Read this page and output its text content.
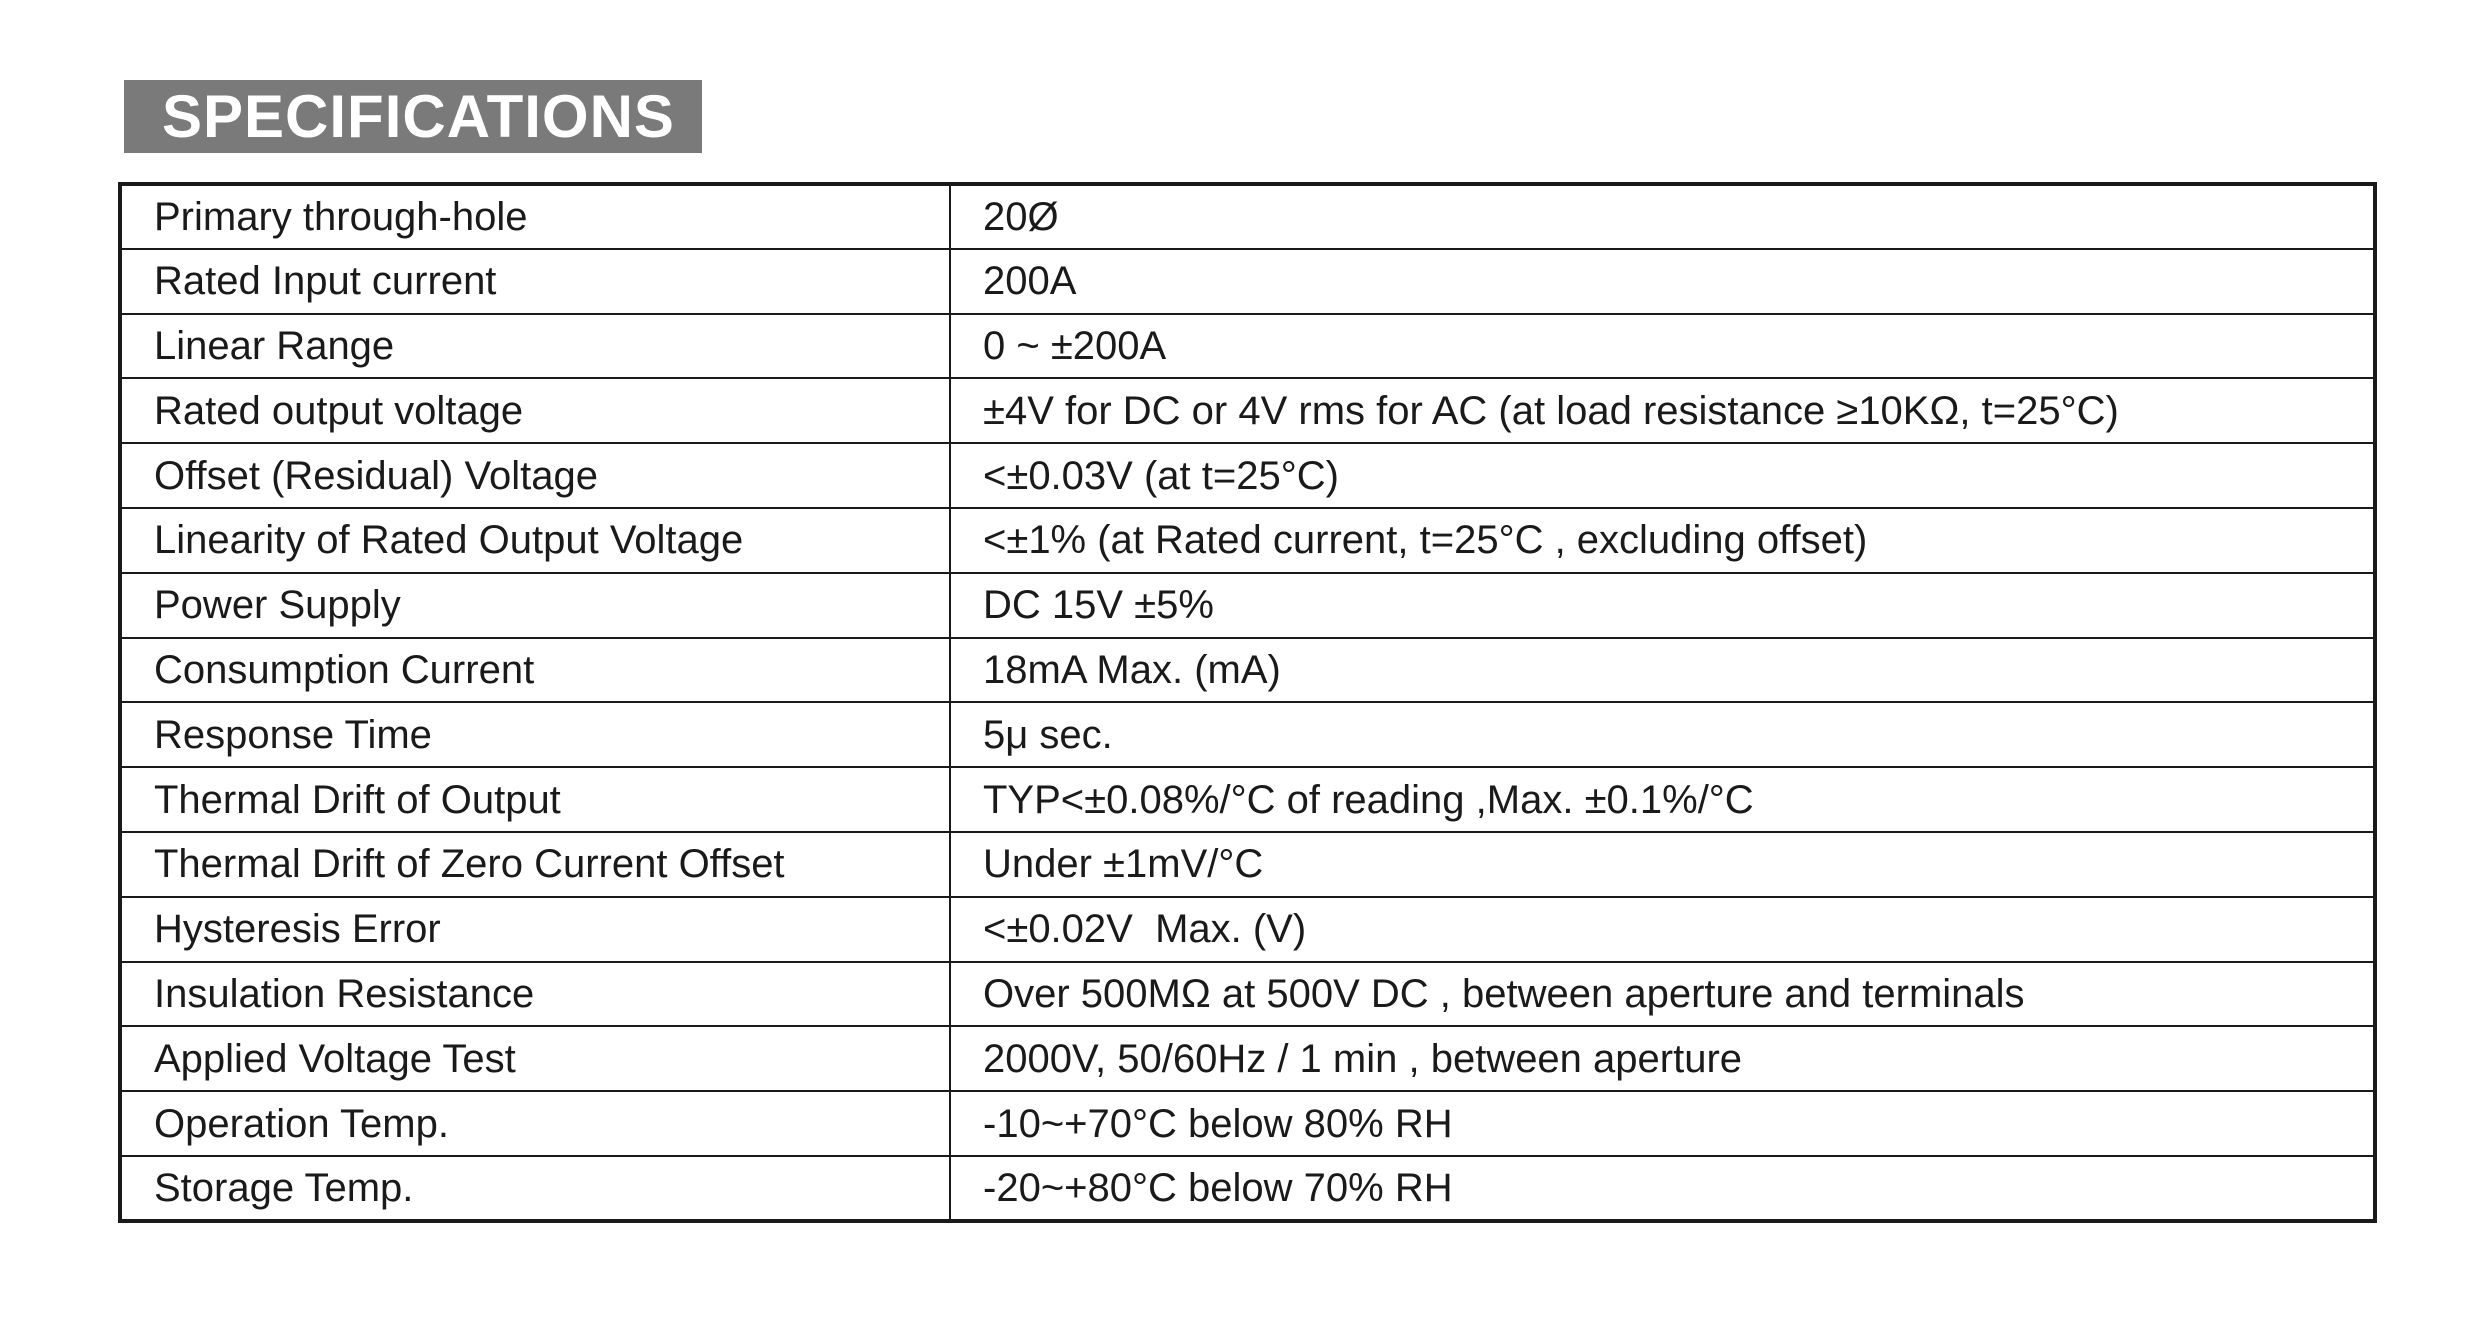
SPECIFICATIONS
Primary through-hole	20Ø
Rated Input current	200A
Linear Range	0 ~ ±200A
Rated output voltage	±4V for DC or 4V rms for AC (at load resistance ≥10KΩ, t=25°C)
Offset (Residual) Voltage	<±0.03V (at t=25°C)
Linearity of Rated Output Voltage	<±1% (at Rated current, t=25°C , excluding offset)
Power Supply	DC 15V ±5%
Consumption Current	18mA Max. (mA)
Response Time	5μ sec.
Thermal Drift of Output	TYP<±0.08%/°C of reading ,Max. ±0.1%/°C
Thermal Drift of Zero Current Offset	Under ±1mV/°C
Hysteresis Error	<±0.02V  Max. (V)
Insulation Resistance	Over 500MΩ at 500V DC , between aperture and terminals
Applied Voltage Test	2000V, 50/60Hz / 1 min , between aperture
Operation Temp.	-10~+70°C below 80% RH
Storage Temp.	-20~+80°C below 70% RH
